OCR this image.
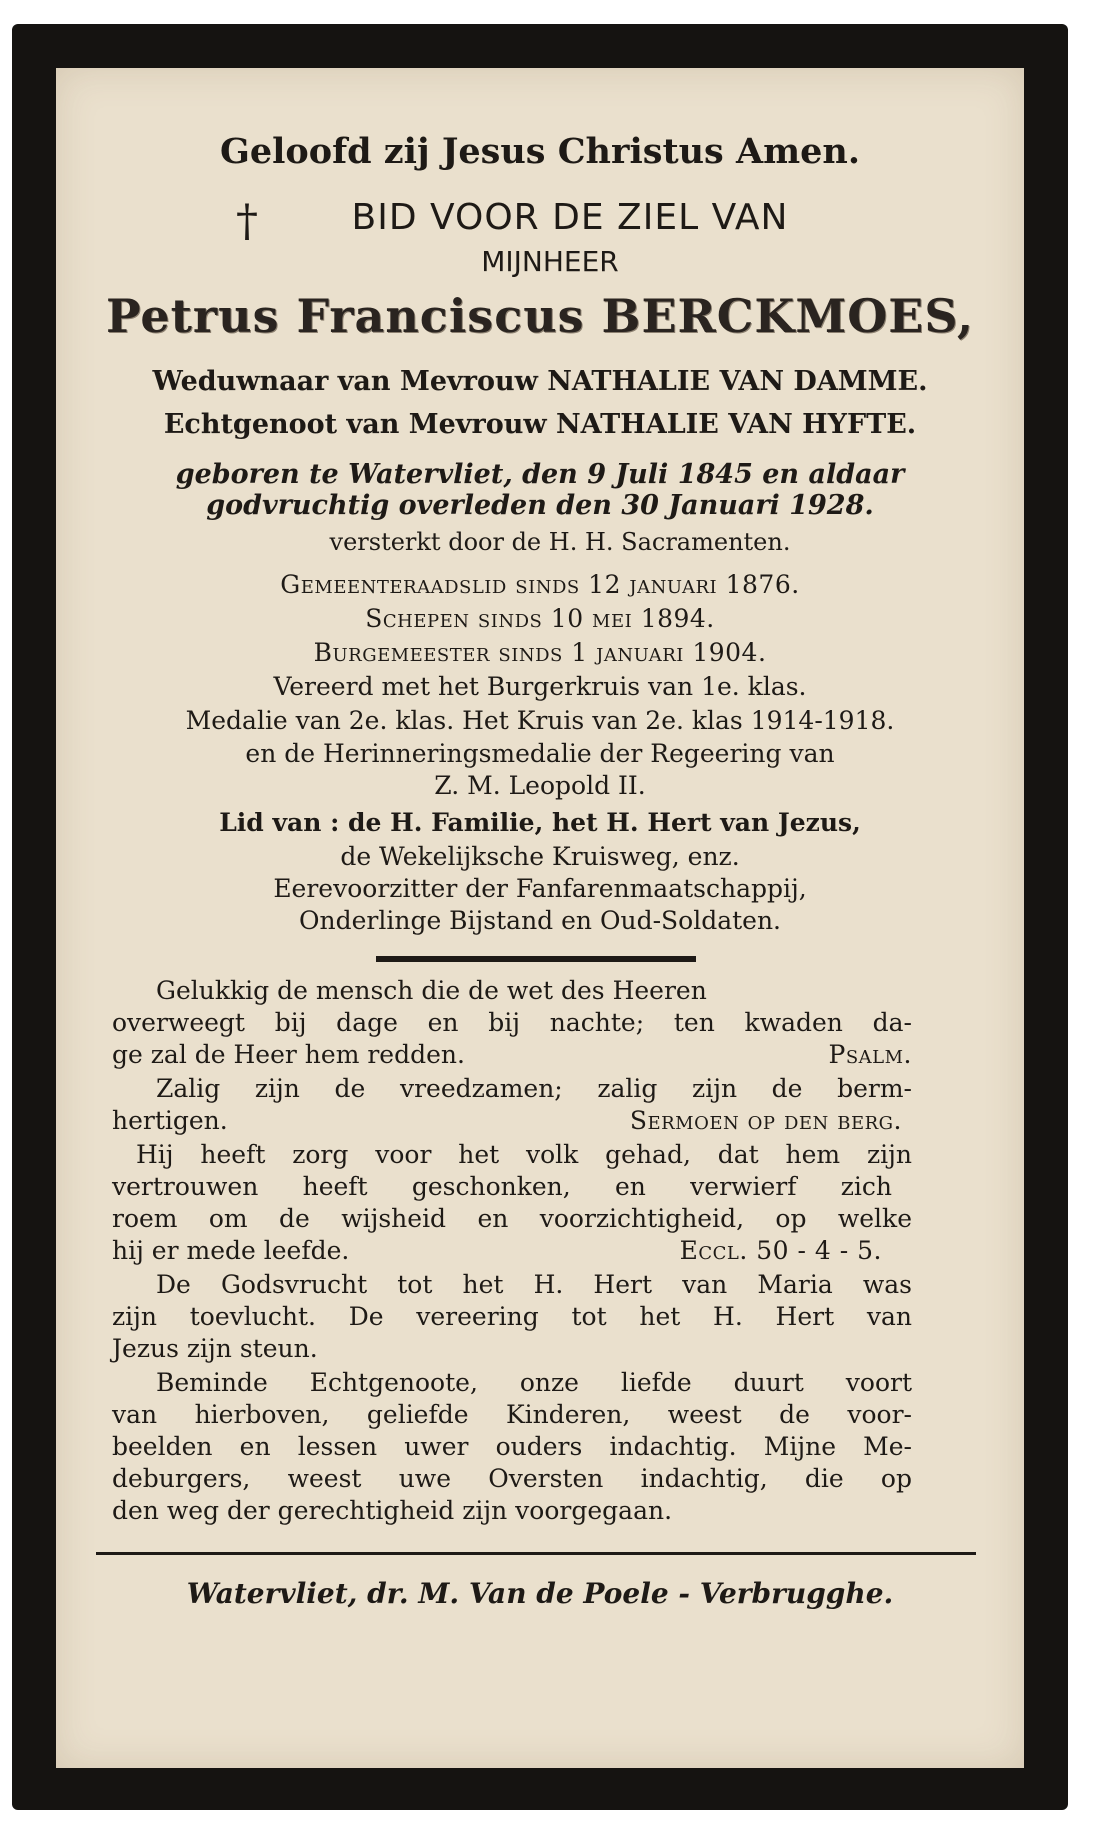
Geloofd zij Jesus Christus Amen.
†	BID VOOR DE ZIEL VAN
MIJNHEER
Petrus Franciscus BERCKMOES,
Weduwnaar van Mevrouw NATHALIE VAN DAMME.
Echtgenoot van Mevrouw NATHALIE VAN HYFTE.
geboren te Watervliet, den 9 Juli 1845 en aldaar
godvruchtig overleden den 30 Januari 1928.
versterkt door de H. H. Sacramenten.
Gemeenteraadslid sinds 12 januari 1876.
Schepen sinds 10 mei 1894.
Burgemeester sinds 1 januari 1904.
Vereerd met het Burgerkruis van 1e. klas.
Medalie van 2e. klas. Het Kruis van 2e. klas 1914-1918.
en de Herinneringsmedalie der Regeering van
Z. M. Leopold II.
Lid van : de H. Familie, het H. Hert van Jezus,
de Wekelijksche Kruisweg, enz.
Eerevoorzitter der Fanfarenmaatschappij,
Onderlinge Bijstand en Oud-Soldaten.
Gelukkig de mensch die de wet des Heeren
overweegt bij dage en bij nachte; ten kwaden da-
ge zal de Heer hem redden.	Psalm.
Zalig zijn de vreedzamen; zalig zijn de berm-
hertigen.	Sermoen op den berg.
Hij heeft zorg voor het volk gehad, dat hem zijn
vertrouwen heeft geschonken, en verwierf zich
roem om de wijsheid en voorzichtigheid, op welke
hij er mede leefde.	Eccl. 50 - 4 - 5.
De Godsvrucht tot het H. Hert van Maria was
zijn toevlucht. De vereering tot het H. Hert van
Jezus zijn steun.
Beminde Echtgenoote, onze liefde duurt voort
van hierboven, geliefde Kinderen, weest de voor-
beelden en lessen uwer ouders indachtig. Mijne Me-
deburgers, weest uwe Oversten indachtig, die op
den weg der gerechtigheid zijn voorgegaan.
Watervliet, dr. M. Van de Poele - Verbrugghe.
